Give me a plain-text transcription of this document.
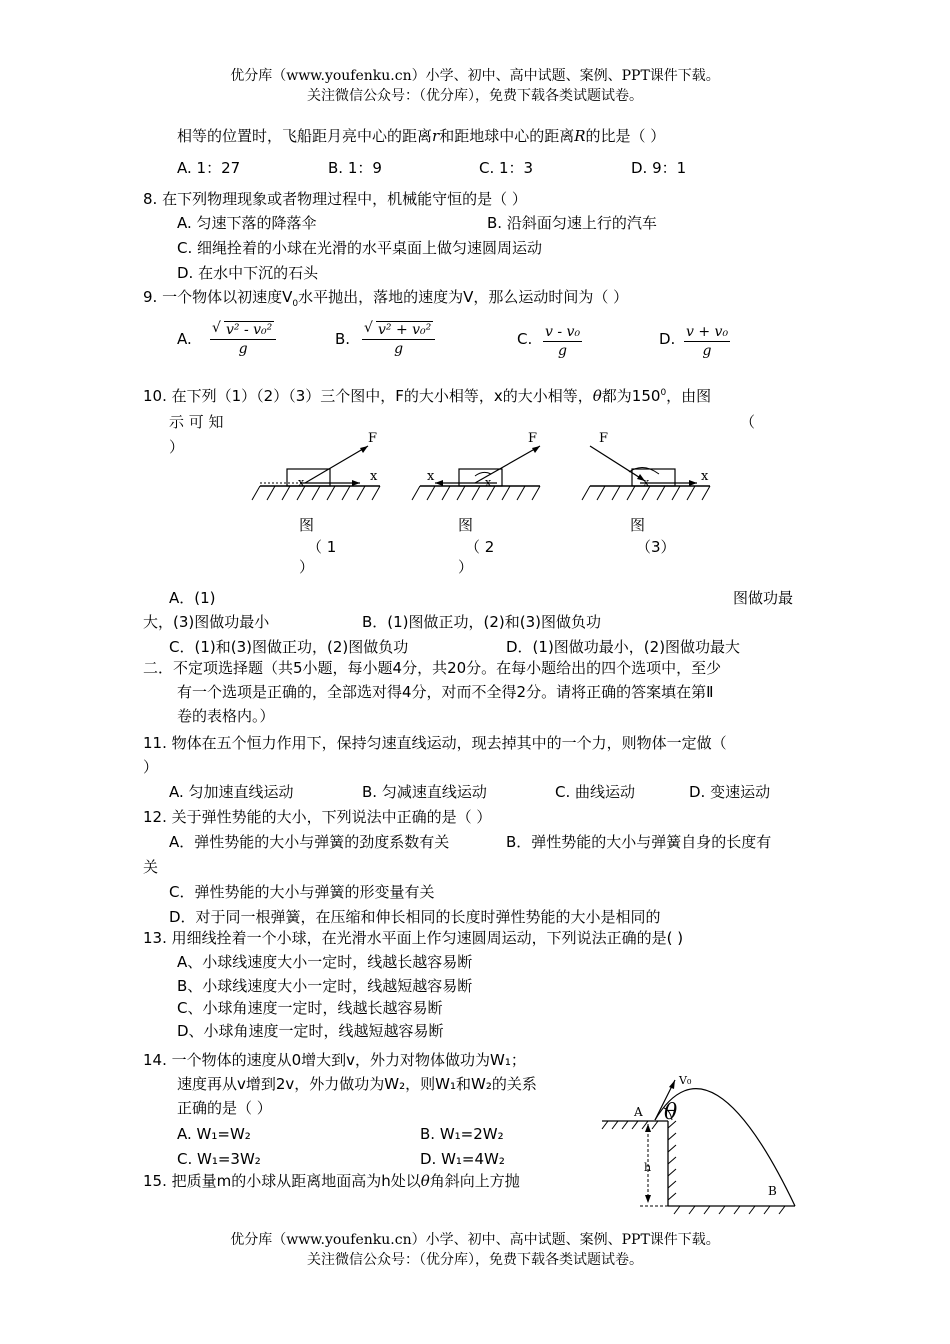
优分库（www.youfenku.cn）小学、初中、高中试题、案例、PPT课件下载。
关注微信公众号：（优分库），免费下载各类试题试卷。
相等的位置时，飞船距月亮中心的距离r和距地球中心的距离R的比是（ ）
A. 1：27	B. 1：9	C. 1：3	D. 9：1
8. 在下列物理现象或者物理过程中，机械能守恒的是（ ）
A. 匀速下落的降落伞	B. 沿斜面匀速上行的汽车
C. 细绳拴着的小球在光滑的水平桌面上做匀速圆周运动
D. 在水中下沉的石头
9. 一个物体以初速度$V_0$水平抛出，落地的速度为V，那么运动时间为（ ）
A. $\frac{\text{√ v² - v₀²}}{g}$	B. $\frac{\text{√ v² + v₀²}}{g}$	C. $\frac{\text{v - v₀}}{g}$	D. $\frac{\text{v + v₀}}{g}$
10. 在下列（1）（2）（3）三个图中，F的大小相等，x的大小相等，θ都为$150^0$，由图
示 可 知	（
）	F
x
x
图
（ 1
）
F
x	x
图
（ 2
）
F
x
x
图
（3）
A．(1)	图做功最
大，(3)图做功最小	B．(1)图做正功，(2)和(3)图做负功
C．(1)和(3)图做正功，(2)图做负功	D．(1)图做功最小，(2)图做功最大
二．不定项选择题（共5小题，每小题4分，共20分。在每小题给出的四个选项中，至少
有一个选项是正确的，全部选对得4分，对而不全得2分。请将正确的答案填在第Ⅱ
卷的表格内。）
11. 物体在五个恒力作用下，保持匀速直线运动，现去掉其中的一个力，则物体一定做（
）
A. 匀加速直线运动	B. 匀减速直线运动	C. 曲线运动	D. 变速运动
12. 关于弹性势能的大小，下列说法中正确的是（ ）
A．弹性势能的大小与弹簧的劲度系数有关	B．弹性势能的大小与弹簧自身的长度有
关
C．弹性势能的大小与弹簧的形变量有关
D．对于同一根弹簧，在压缩和伸长相同的长度时弹性势能的大小是相同的
13. 用细线拴着一个小球，在光滑水平面上作匀速圆周运动，下列说法正确的是( )
A、小球线速度大小一定时，线越长越容易断
B、小球线速度大小一定时，线越短越容易断
C、小球角速度一定时，线越长越容易断
D、小球角速度一定时，线越短越容易断
14. 一个物体的速度从0增大到v，外力对物体做功为W₁；
速度再从v增到2v，外力做功为W₂，则W₁和W₂的关系
正确的是（ ）
A. W₁=W₂	B. W₁=2W₂
C. W₁=3W₂	D. W₁=4W₂
15. 把质量m的小球从距离地面高为h处以θ角斜向上方抛
V₀
A θ
h
B
优分库（www.youfenku.cn）小学、初中、高中试题、案例、PPT课件下载。
关注微信公众号：（优分库），免费下载各类试题试卷。
